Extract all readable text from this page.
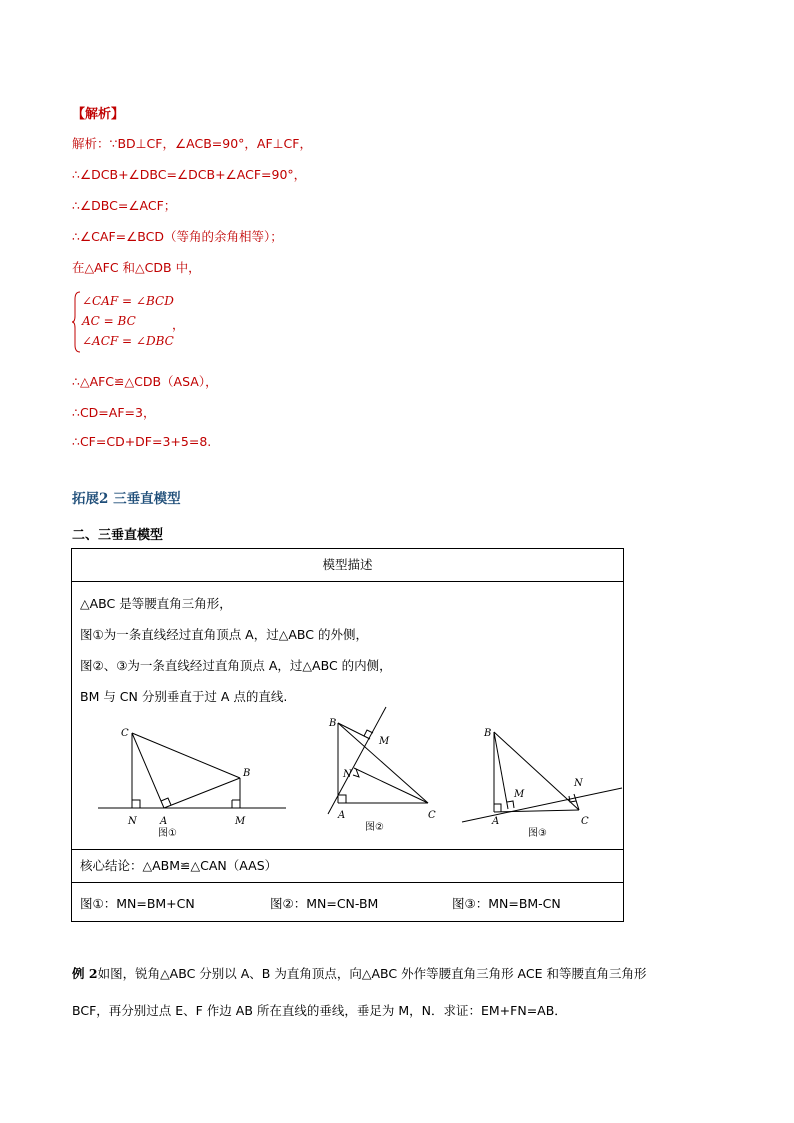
【解析】
解析：∵BD⊥CF，∠ACB=90°，AF⊥CF，
∴∠DCB+∠DBC=∠DCB+∠ACF=90°，
∴∠DBC=∠ACF；
∴∠CAF=∠BCD（等角的余角相等）；
在△AFC 和△CDB 中，
∠CAF = ∠BCD
AC = BC	，
∠ACF = ∠DBC
∴△AFC≌△CDB（ASA），
∴CD=AF=3，
∴CF=CD+DF=3+5=8.
拓展2 三垂直模型
二、三垂直模型
模型描述

△ABC 是等腰直角三角形，

图①为一条直线经过直角顶点 A，过△ABC 的外侧，

图②、③为一条直线经过直角顶点 A，过△ABC 的内侧，

BM 与 CN 分别垂直于过 A 点的直线.

C
B
N A	M
图①
B
M
N
A	C
图②
B
M
N
A	C
图③

核心结论：△ABM≌△CAN（AAS）

图①：MN=BM+CN	图②：MN=CN-BM	图③：MN=BM-CN
例 2如图，锐角△ABC 分别以 A、B 为直角顶点，向△ABC 外作等腰直角三角形 ACE 和等腰直角三角形
BCF，再分别过点 E、F 作边 AB 所在直线的垂线，垂足为 M，N．求证：EM+FN=AB．
